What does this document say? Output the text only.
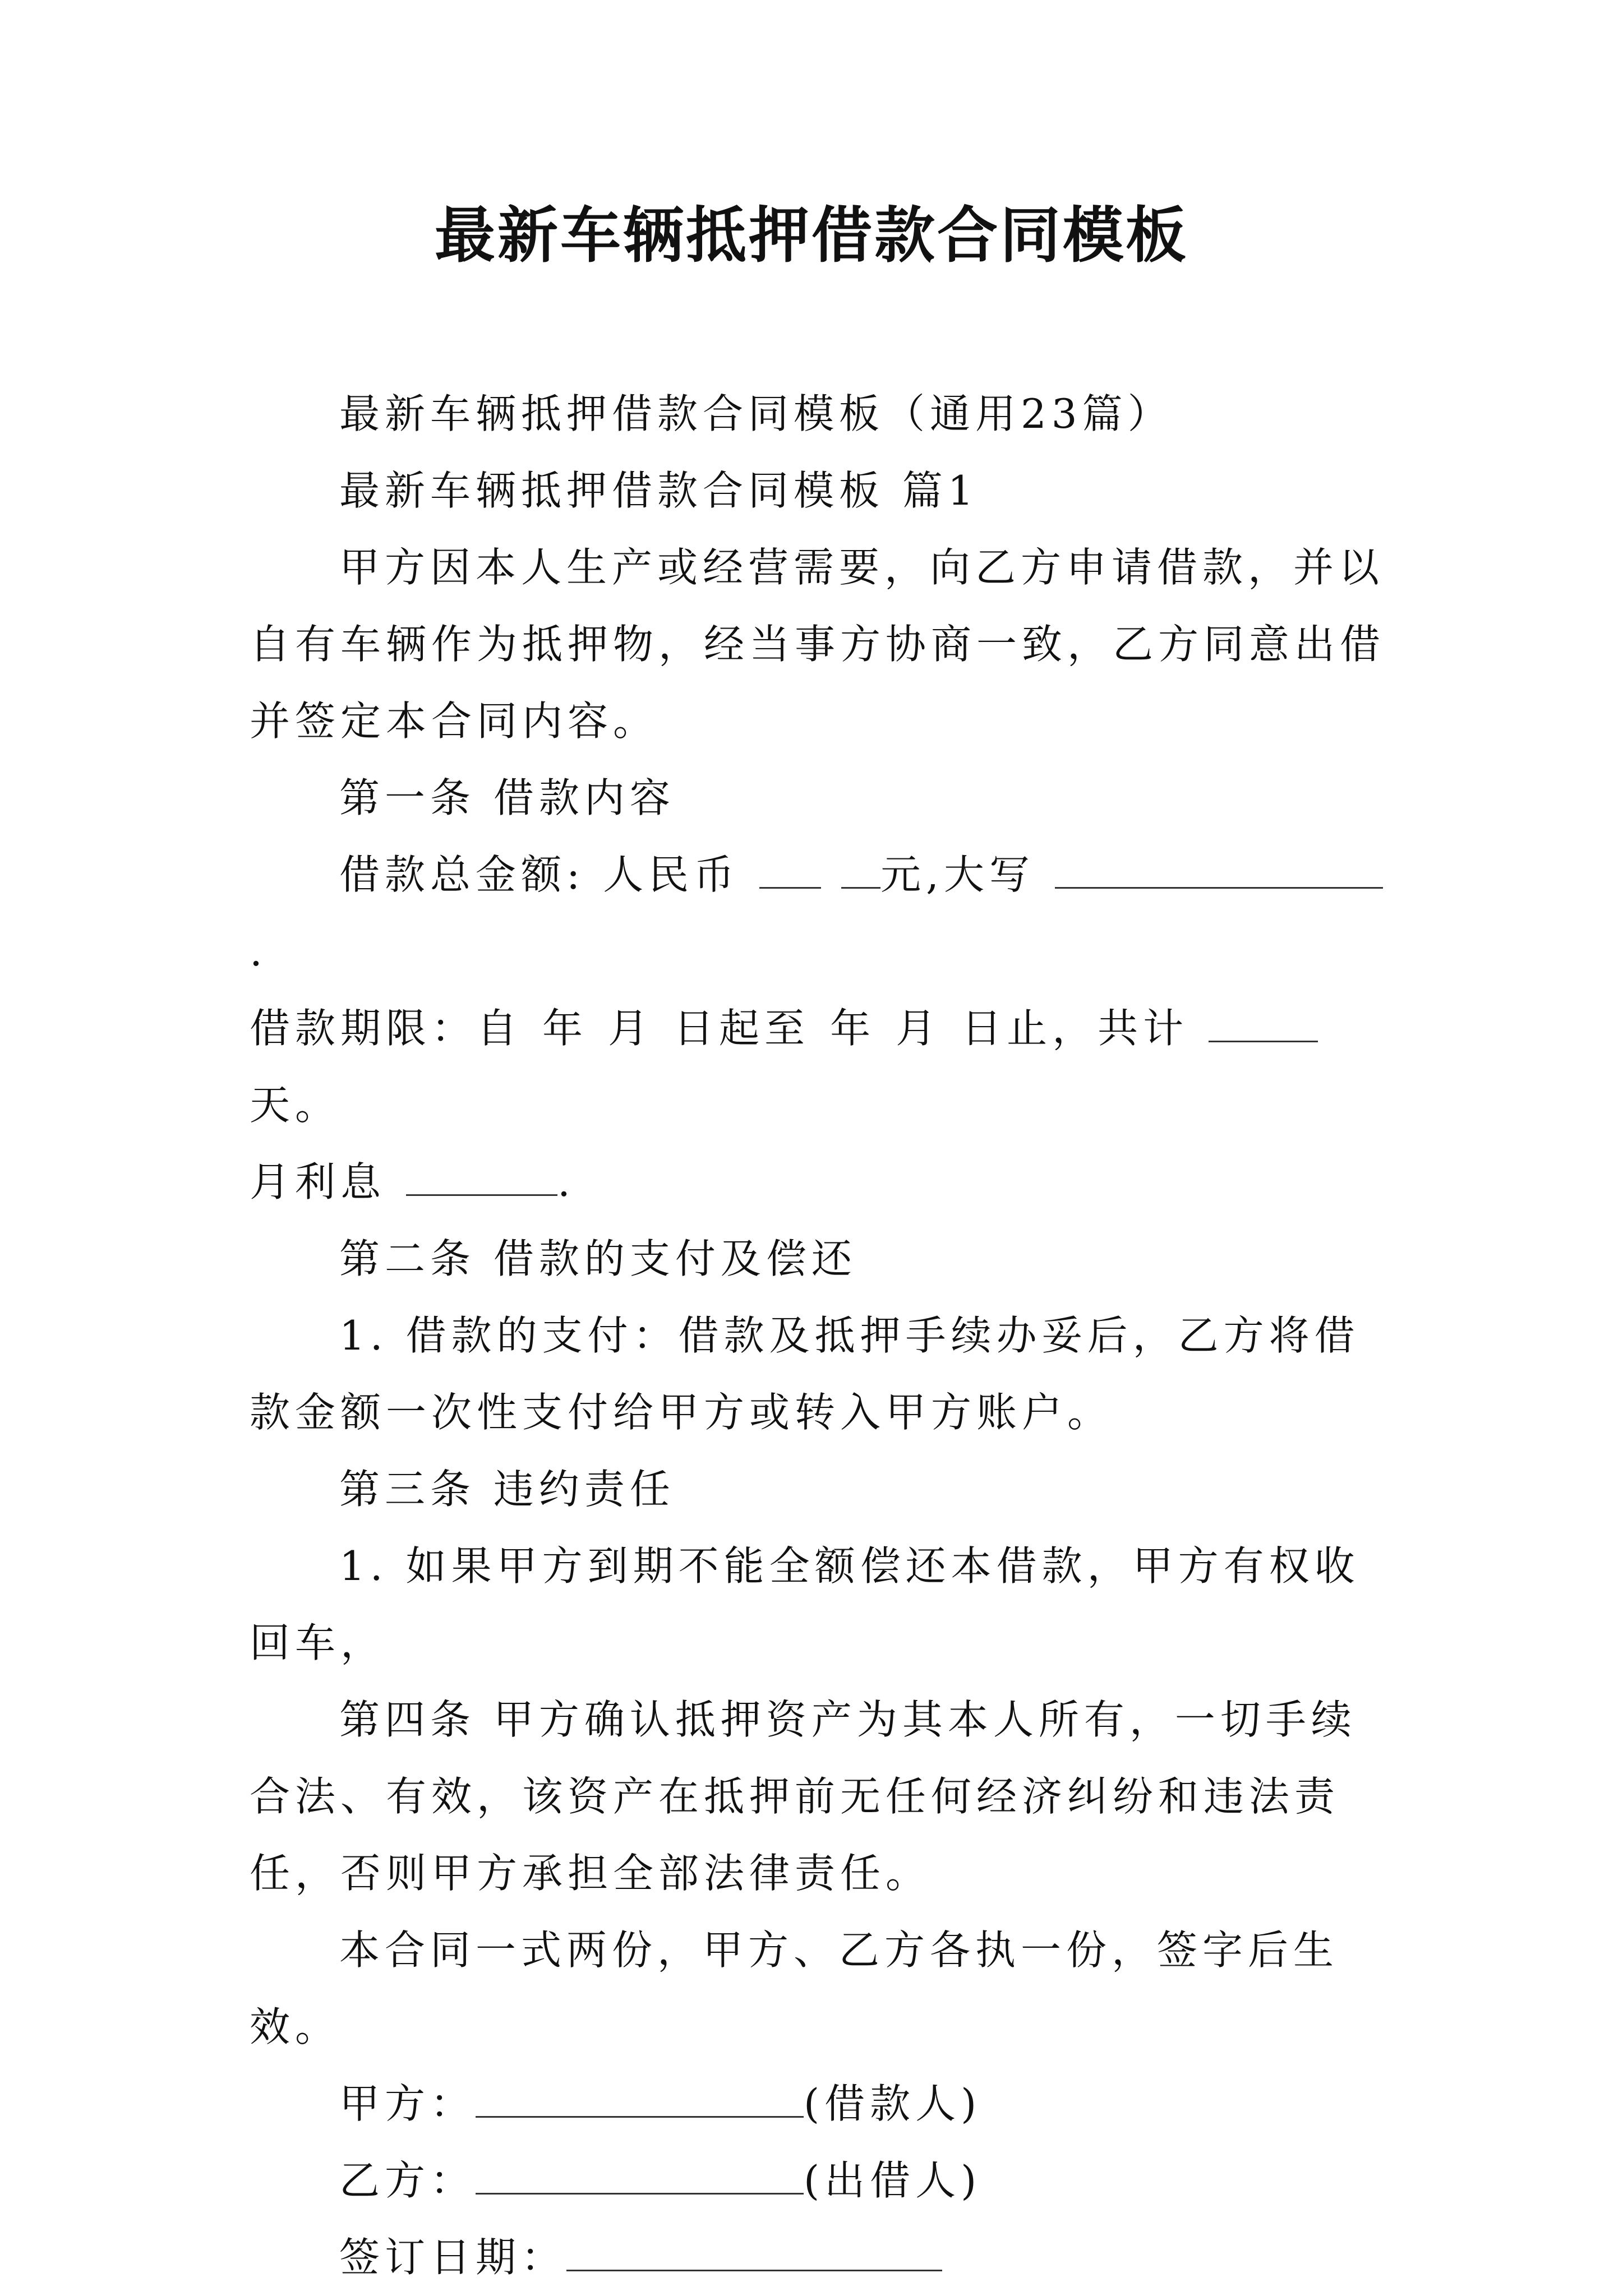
最新车辆抵押借款合同模板

最新车辆抵押借款合同模板（通用23篇）

最新车辆抵押借款合同模板 篇1

甲方因本人生产或经营需要，向乙方申请借款，并以自有车辆作为抵押物，经当事方协商一致，乙方同意出借并签定本合同内容。

第一条 借款内容

借款总金额: 人民币	元,大写.

借款期限：自 年 月 日起至 年 月 日止，共计天。

月利息	.

第二条 借款的支付及偿还

1. 借款的支付：借款及抵押手续办妥后，乙方将借款金额一次性支付给甲方或转入甲方账户。

第三条 违约责任

1. 如果甲方到期不能全额偿还本借款，甲方有权收回车，

第四条 甲方确认抵押资产为其本人所有，一切手续合法、有效，该资产在抵押前无任何经济纠纷和违法责任，否则甲方承担全部法律责任。

本合同一式两份，甲方、乙方各执一份，签字后生效。

甲方：	(借款人)

乙方：	(出借人)

签订日期：
